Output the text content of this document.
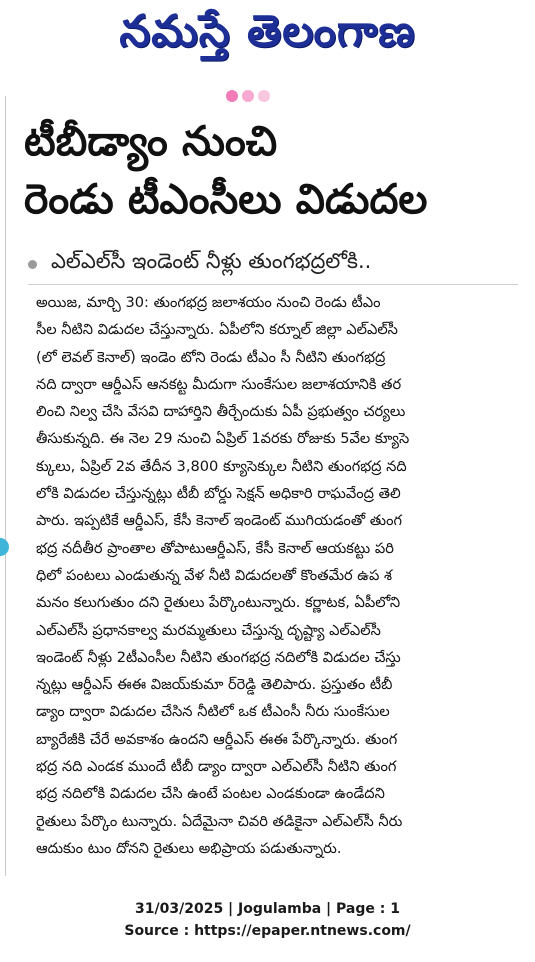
నమస్తే తెలంగాణ
టీబీడ్యాం నుంచి
రెండు టీఎంసీలు విడుదల
ఎల్‌ఎల్‌సీ ఇండెంట్ నీళ్లు తుంగభద్రలోకి..
అయిజ, మార్చి 30: తుంగభద్ర జలాశయం నుంచి రెండు టీఎం
సీల నీటిని విడుదల చేస్తున్నారు. ఏపీలోని కర్నూల్ జిల్లా ఎల్‌ఎల్‌సీ
(లో లెవల్ కెనాల్) ఇండెం టోని రెండు టీఎం సీ నీటిని తుంగభద్ర
నది ద్వారా ఆర్డీఎస్ ఆనకట్ట మీదుగా సుంకేసుల జలాశయానికి తర
లించి నిల్వ చేసి వేసవి దాహార్తిని తీర్చేందుకు ఏపీ ప్రభుత్వం చర్యలు
తీసుకున్నది. ఈ నెల 29 నుంచి ఏప్రిల్ 1వరకు రోజుకు 5వేల క్యూసె
క్కులు, ఏప్రిల్ 2వ తేదీన 3,800 క్యూసెక్కుల నీటిని తుంగభద్ర నది
లోకి విడుదల చేస్తున్నట్లు టీబీ బోర్డు సెక్షన్ అధికారి రాఘవేంద్ర తెలి
పారు. ఇప్పటికే ఆర్డీఎస్, కేసీ కెనాల్ ఇండెంట్ ముగియడంతో తుంగ
భద్ర నదీతీర ప్రాంతాల తోపాటుఆర్డీఎస్, కేసీ కెనాల్ ఆయకట్టు పరి
ధిలో పంటలు ఎండుతున్న వేళ నీటి విడుదలతో కొంతమేర ఉప శ
మనం కలుగుతుం దని రైతులు పేర్కొంటున్నారు. కర్ణాటక, ఏపీలోని
ఎల్‌ఎల్‌సీ ప్రధానకాల్వ మరమ్మతులు చేస్తున్న దృష్ట్యా ఎల్‌ఎల్‌సీ
ఇండెంట్ నీళ్లు 2టీఎంసీల నీటిని తుంగభద్ర నదిలోకి విడుదల చేస్తు
న్నట్లు ఆర్డీఎస్ ఈఈ విజయ్‌కుమా ర్‌రెడ్డి తెలిపారు. ప్రస్తుతం టీబీ
డ్యాం ద్వారా విడుదల చేసిన నీటిలో ఒక టీఎంసీ నీరు సుంకేసుల
బ్యారేజీకి చేరే అవకాశం ఉందని ఆర్డీఎస్ ఈఈ పేర్కొన్నారు. తుంగ
భద్ర నది ఎండక ముందే టీబీ డ్యాం ద్వారా ఎల్‌ఎల్‌సీ నీటిని తుంగ
భద్ర నదిలోకి విడుదల చేసి ఉంటే పంటల ఎండకుండా ఉండేదని
రైతులు పేర్కొం టున్నారు. ఏదేమైనా చివరి తడికైనా ఎల్‌ఎల్‌సీ నీరు
ఆదుకుం టుం దోనని రైతులు అభిప్రాయ పడుతున్నారు.
31/03/2025 | Jogulamba | Page : 1
Source : https://epaper.ntnews.com/
